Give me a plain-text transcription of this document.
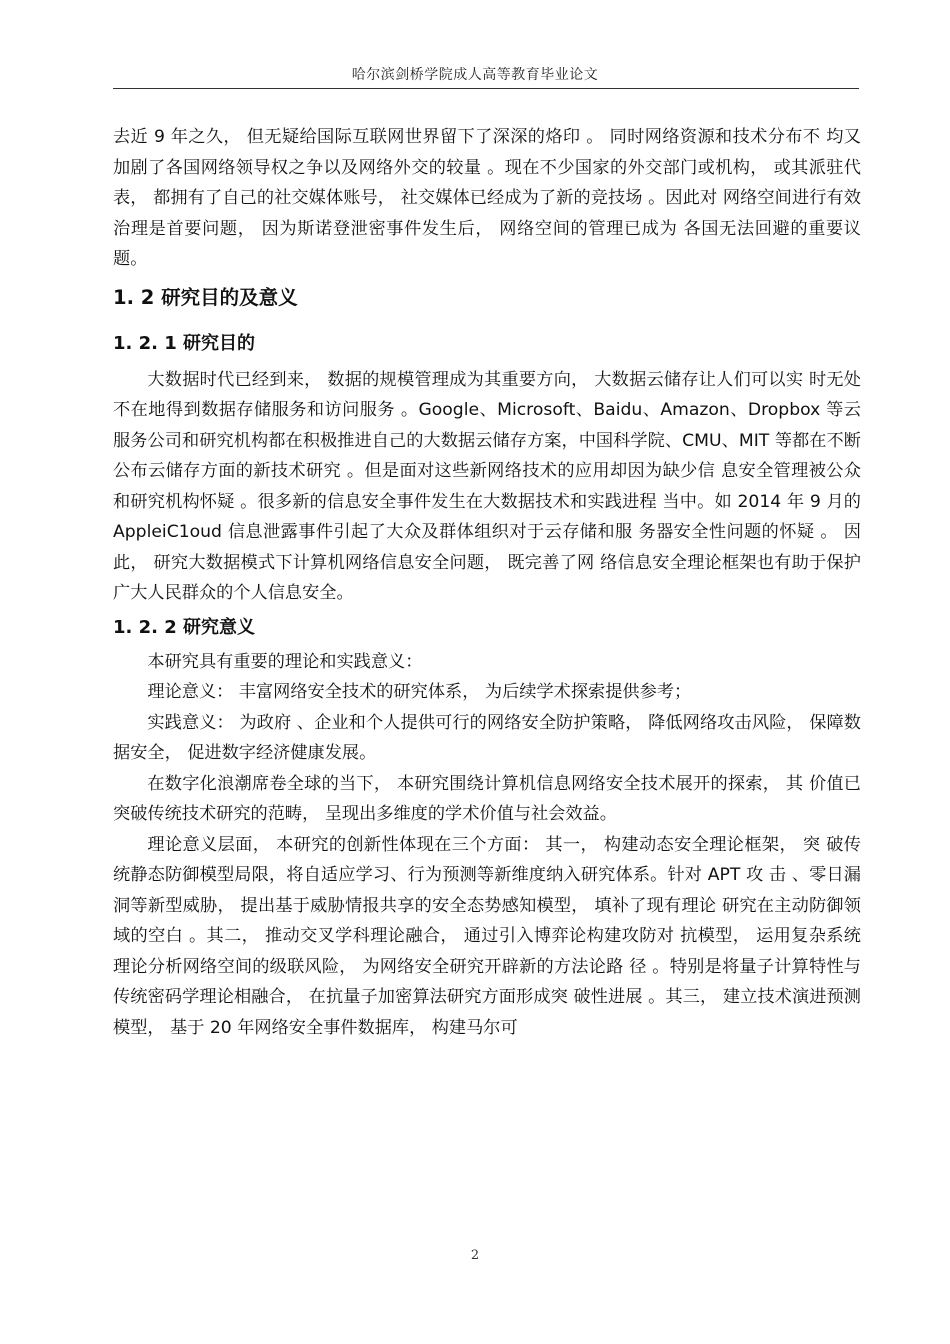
哈尔滨剑桥学院成人高等教育毕业论文

去近 9 年之久， 但无疑给国际互联网世界留下了深深的烙印 。 同时网络资源和技术分布不 均又加剧了各国网络领导权之争以及网络外交的较量 。现在不少国家的外交部门或机构， 或其派驻代表， 都拥有了自己的社交媒体账号， 社交媒体已经成为了新的竞技场 。因此对 网络空间进行有效治理是首要问题， 因为斯诺登泄密事件发生后， 网络空间的管理已成为 各国无法回避的重要议题。

1. 2 研究目的及意义
1. 2. 1 研究目的

大数据时代已经到来， 数据的规模管理成为其重要方向， 大数据云储存让人们可以实 时无处不在地得到数据存储服务和访问服务 。Google、Microsoft、Baidu、Amazon、Dropbox 等云服务公司和研究机构都在积极推进自己的大数据云储存方案，中国科学院、CMU、MIT 等都在不断公布云储存方面的新技术研究 。但是面对这些新网络技术的应用却因为缺少信 息安全管理被公众和研究机构怀疑 。很多新的信息安全事件发生在大数据技术和实践进程 当中。如 2014 年 9 月的 AppleiC1oud 信息泄露事件引起了大众及群体组织对于云存储和服 务器安全性问题的怀疑 。 因此， 研究大数据模式下计算机网络信息安全问题， 既完善了网 络信息安全理论框架也有助于保护广大人民群众的个人信息安全。

1. 2. 2 研究意义

本研究具有重要的理论和实践意义：

理论意义： 丰富网络安全技术的研究体系， 为后续学术探索提供参考；

实践意义： 为政府 、企业和个人提供可行的网络安全防护策略， 降低网络攻击风险， 保障数据安全， 促进数字经济健康发展。

在数字化浪潮席卷全球的当下， 本研究围绕计算机信息网络安全技术展开的探索， 其 价值已突破传统技术研究的范畴， 呈现出多维度的学术价值与社会效益。

理论意义层面， 本研究的创新性体现在三个方面： 其一， 构建动态安全理论框架， 突 破传统静态防御模型局限，将自适应学习、行为预测等新维度纳入研究体系。针对 APT 攻 击 、零日漏洞等新型威胁， 提出基于威胁情报共享的安全态势感知模型， 填补了现有理论 研究在主动防御领域的空白 。其二， 推动交叉学科理论融合， 通过引入博弈论构建攻防对 抗模型， 运用复杂系统理论分析网络空间的级联风险， 为网络安全研究开辟新的方法论路 径 。特别是将量子计算特性与传统密码学理论相融合， 在抗量子加密算法研究方面形成突 破性进展 。其三， 建立技术演进预测模型， 基于 20 年网络安全事件数据库， 构建马尔可

2
